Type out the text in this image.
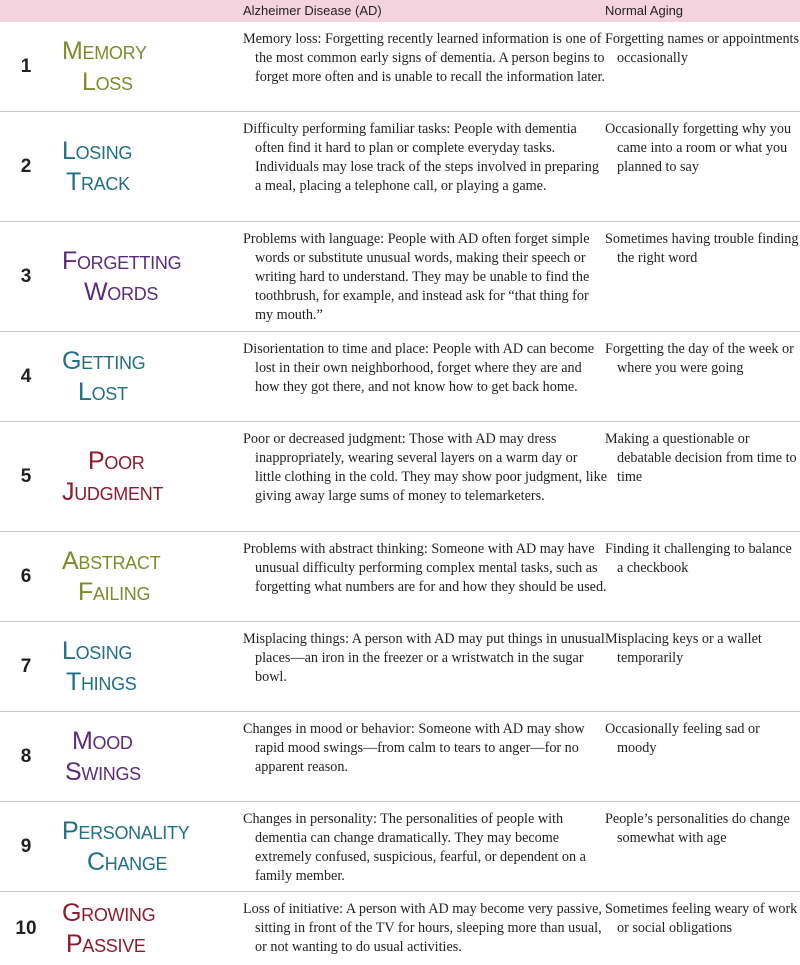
Alzheimer Disease (AD)	Normal Aging
1
Memory
Loss
Memory loss: Forgetting recently learned information is one of the most common early signs of dementia. A person begins to forget more often and is unable to recall the information later.
Forgetting names or appointments occasionally
2
Losing
Track
Difficulty performing familiar tasks: People with dementia often find it hard to plan or complete everyday tasks. Individuals may lose track of the steps involved in preparing a meal, placing a telephone call, or playing a game.
Occasionally forgetting why you came into a room or what you planned to say
3
Forgetting
Words
Problems with language: People with AD often forget simple words or substitute unusual words, making their speech or writing hard to understand. They may be unable to find the toothbrush, for example, and instead ask for “that thing for my mouth.”
Sometimes having trouble finding the right word
4
Getting
Lost
Disorientation to time and place: People with AD can become lost in their own neighborhood, forget where they are and how they got there, and not know how to get back home.
Forgetting the day of the week or where you were going
5
Poor
Judgment
Poor or decreased judgment: Those with AD may dress inappropriately, wearing several layers on a warm day or little clothing in the cold. They may show poor judgment, like giving away large sums of money to telemarketers.
Making a questionable or debatable decision from time to time
6
Abstract
Failing
Problems with abstract thinking: Someone with AD may have unusual difficulty performing complex mental tasks, such as forgetting what numbers are for and how they should be used.
Finding it challenging to balance a checkbook
7
Losing
Things
Misplacing things: A person with AD may put things in unusual places—an iron in the freezer or a wristwatch in the sugar bowl.
Misplacing keys or a wallet temporarily
8
Mood
Swings
Changes in mood or behavior: Someone with AD may show rapid mood swings—from calm to tears to anger—for no apparent reason.
Occasionally feeling sad or moody
9
Personality
Change
Changes in personality: The personalities of people with dementia can change dramatically. They may become extremely confused, suspicious, fearful, or dependent on a family member.
People’s personalities do change somewhat with age
10
Growing
Passive
Loss of initiative: A person with AD may become very passive, sitting in front of the TV for hours, sleeping more than usual, or not wanting to do usual activities.
Sometimes feeling weary of work or social obligations
